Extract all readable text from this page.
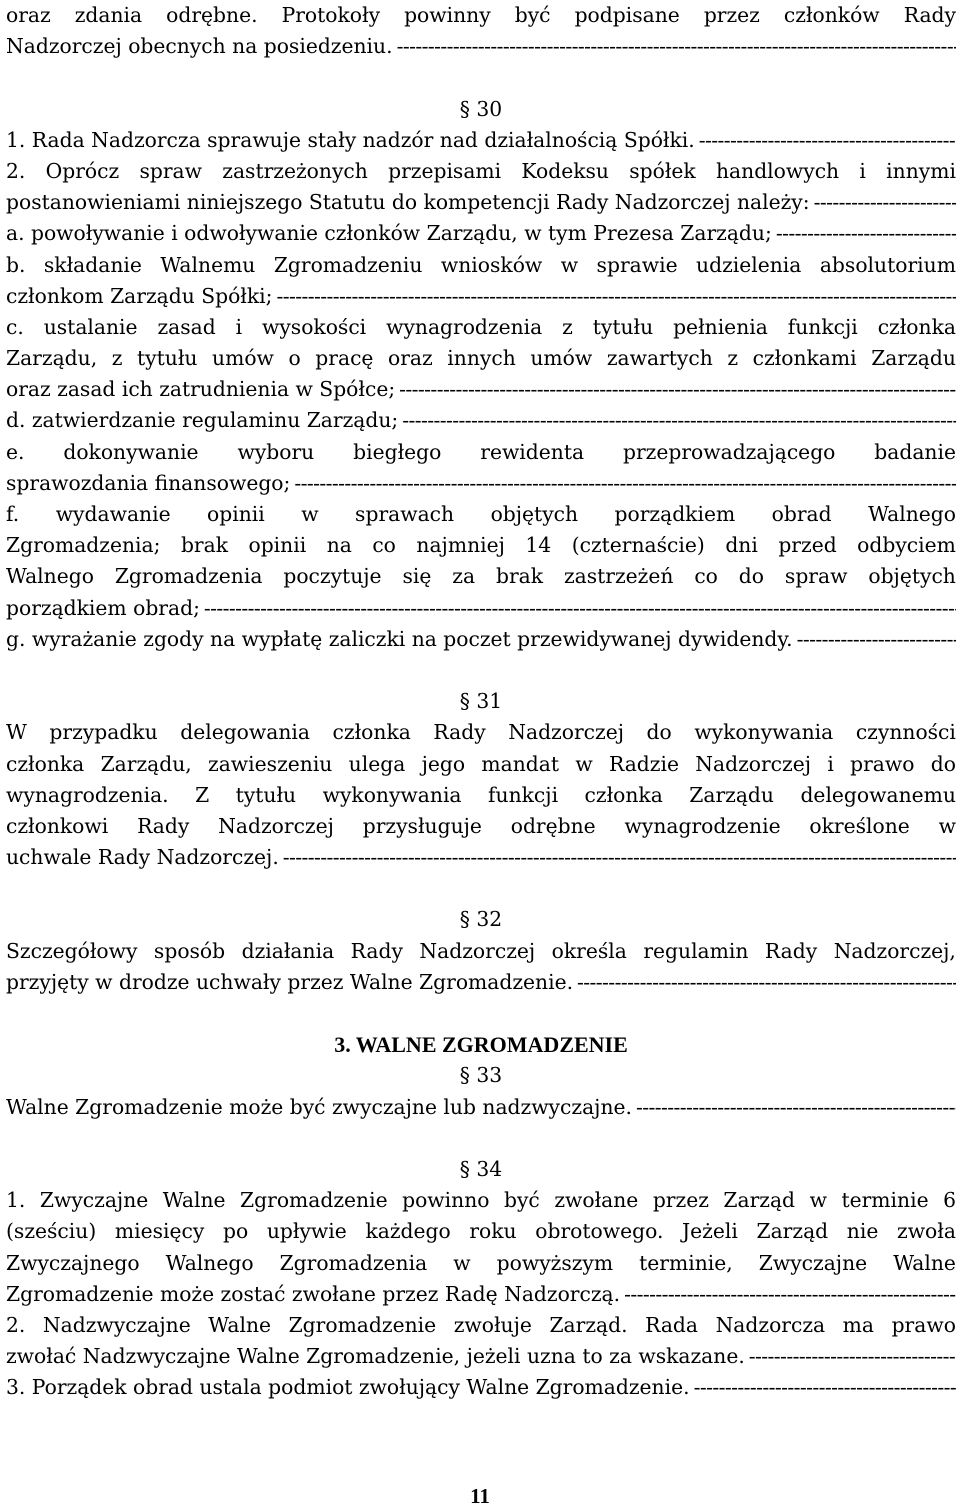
oraz zdania odrębne. Protokoły powinny być podpisane przez członków Rady
Nadzorczej obecnych na posiedzeniu.
-----
§ 30
1. Rada Nadzorcza sprawuje stały nadzór nad działalnością Spółki.
-----
2. Oprócz spraw zastrzeżonych przepisami Kodeksu spółek handlowych i innymi
postanowieniami niniejszego Statutu do kompetencji Rady Nadzorczej należy:
-----
a. powoływanie i odwoływanie członków Zarządu, w tym Prezesa Zarządu;
-----
b. składanie Walnemu Zgromadzeniu wniosków w sprawie udzielenia absolutorium
członkom Zarządu Spółki;
-----
c. ustalanie zasad i wysokości wynagrodzenia z tytułu pełnienia funkcji członka
Zarządu, z tytułu umów o pracę oraz innych umów zawartych z członkami Zarządu
oraz zasad ich zatrudnienia w Spółce;
-----
d. zatwierdzanie regulaminu Zarządu;
-----
e. dokonywanie wyboru biegłego rewidenta przeprowadzającego badanie
sprawozdania finansowego;
-----
f. wydawanie opinii w sprawach objętych porządkiem obrad Walnego
Zgromadzenia; brak opinii na co najmniej 14 (czternaście) dni przed odbyciem
Walnego Zgromadzenia poczytuje się za brak zastrzeżeń co do spraw objętych
porządkiem obrad;
-----
g. wyrażanie zgody na wypłatę zaliczki na poczet przewidywanej dywidendy.
-----
§ 31
W przypadku delegowania członka Rady Nadzorczej do wykonywania czynności
członka Zarządu, zawieszeniu ulega jego mandat w Radzie Nadzorczej i prawo do
wynagrodzenia. Z tytułu wykonywania funkcji członka Zarządu delegowanemu
członkowi Rady Nadzorczej przysługuje odrębne wynagrodzenie określone w
uchwale Rady Nadzorczej.
-----
§ 32
Szczegółowy sposób działania Rady Nadzorczej określa regulamin Rady Nadzorczej,
przyjęty w drodze uchwały przez Walne Zgromadzenie.
-----
3. WALNE ZGROMADZENIE
§ 33
Walne Zgromadzenie może być zwyczajne lub nadzwyczajne.
-----
§ 34
1. Zwyczajne Walne Zgromadzenie powinno być zwołane przez Zarząd w terminie 6
(sześciu) miesięcy po upływie każdego roku obrotowego. Jeżeli Zarząd nie zwoła
Zwyczajnego Walnego Zgromadzenia w powyższym terminie, Zwyczajne Walne
Zgromadzenie może zostać zwołane przez Radę Nadzorczą.
-----
2. Nadzwyczajne Walne Zgromadzenie zwołuje Zarząd. Rada Nadzorcza ma prawo
zwołać Nadzwyczajne Walne Zgromadzenie, jeżeli uzna to za wskazane.
-----
3. Porządek obrad ustala podmiot zwołujący Walne Zgromadzenie.
-----
11
